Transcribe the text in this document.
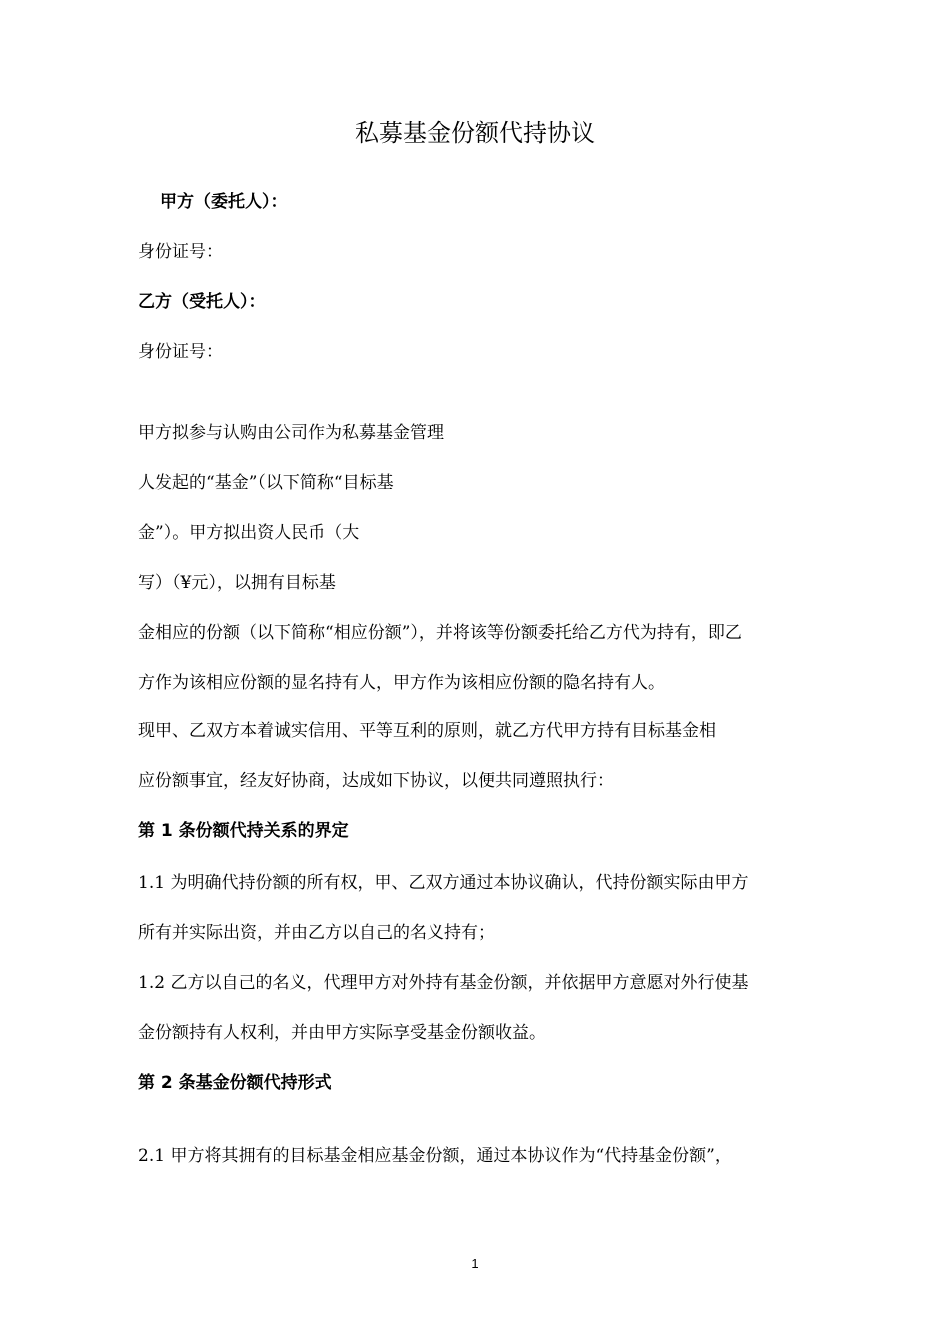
私募基金份额代持协议

甲方（委托人）：

身份证号：

乙方（受托人）：

身份证号：

甲方拟参与认购由公司作为私募基金管理

人发起的“基金”（以下简称“目标基

金”）。甲方拟出资人民币（大

写）（¥元），以拥有目标基

金相应的份额（以下简称“相应份额”），并将该等份额委托给乙方代为持有，即乙

方作为该相应份额的显名持有人，甲方作为该相应份额的隐名持有人。

现甲、乙双方本着诚实信用、平等互利的原则，就乙方代甲方持有目标基金相

应份额事宜，经友好协商，达成如下协议，以便共同遵照执行：

第 1 条份额代持关系的界定

1.1 为明确代持份额的所有权，甲、乙双方通过本协议确认，代持份额实际由甲方

所有并实际出资，并由乙方以自己的名义持有；

1.2 乙方以自己的名义，代理甲方对外持有基金份额，并依据甲方意愿对外行使基

金份额持有人权利，并由甲方实际享受基金份额收益。

第 2 条基金份额代持形式

2.1 甲方将其拥有的目标基金相应基金份额，通过本协议作为“代持基金份额”，

1
